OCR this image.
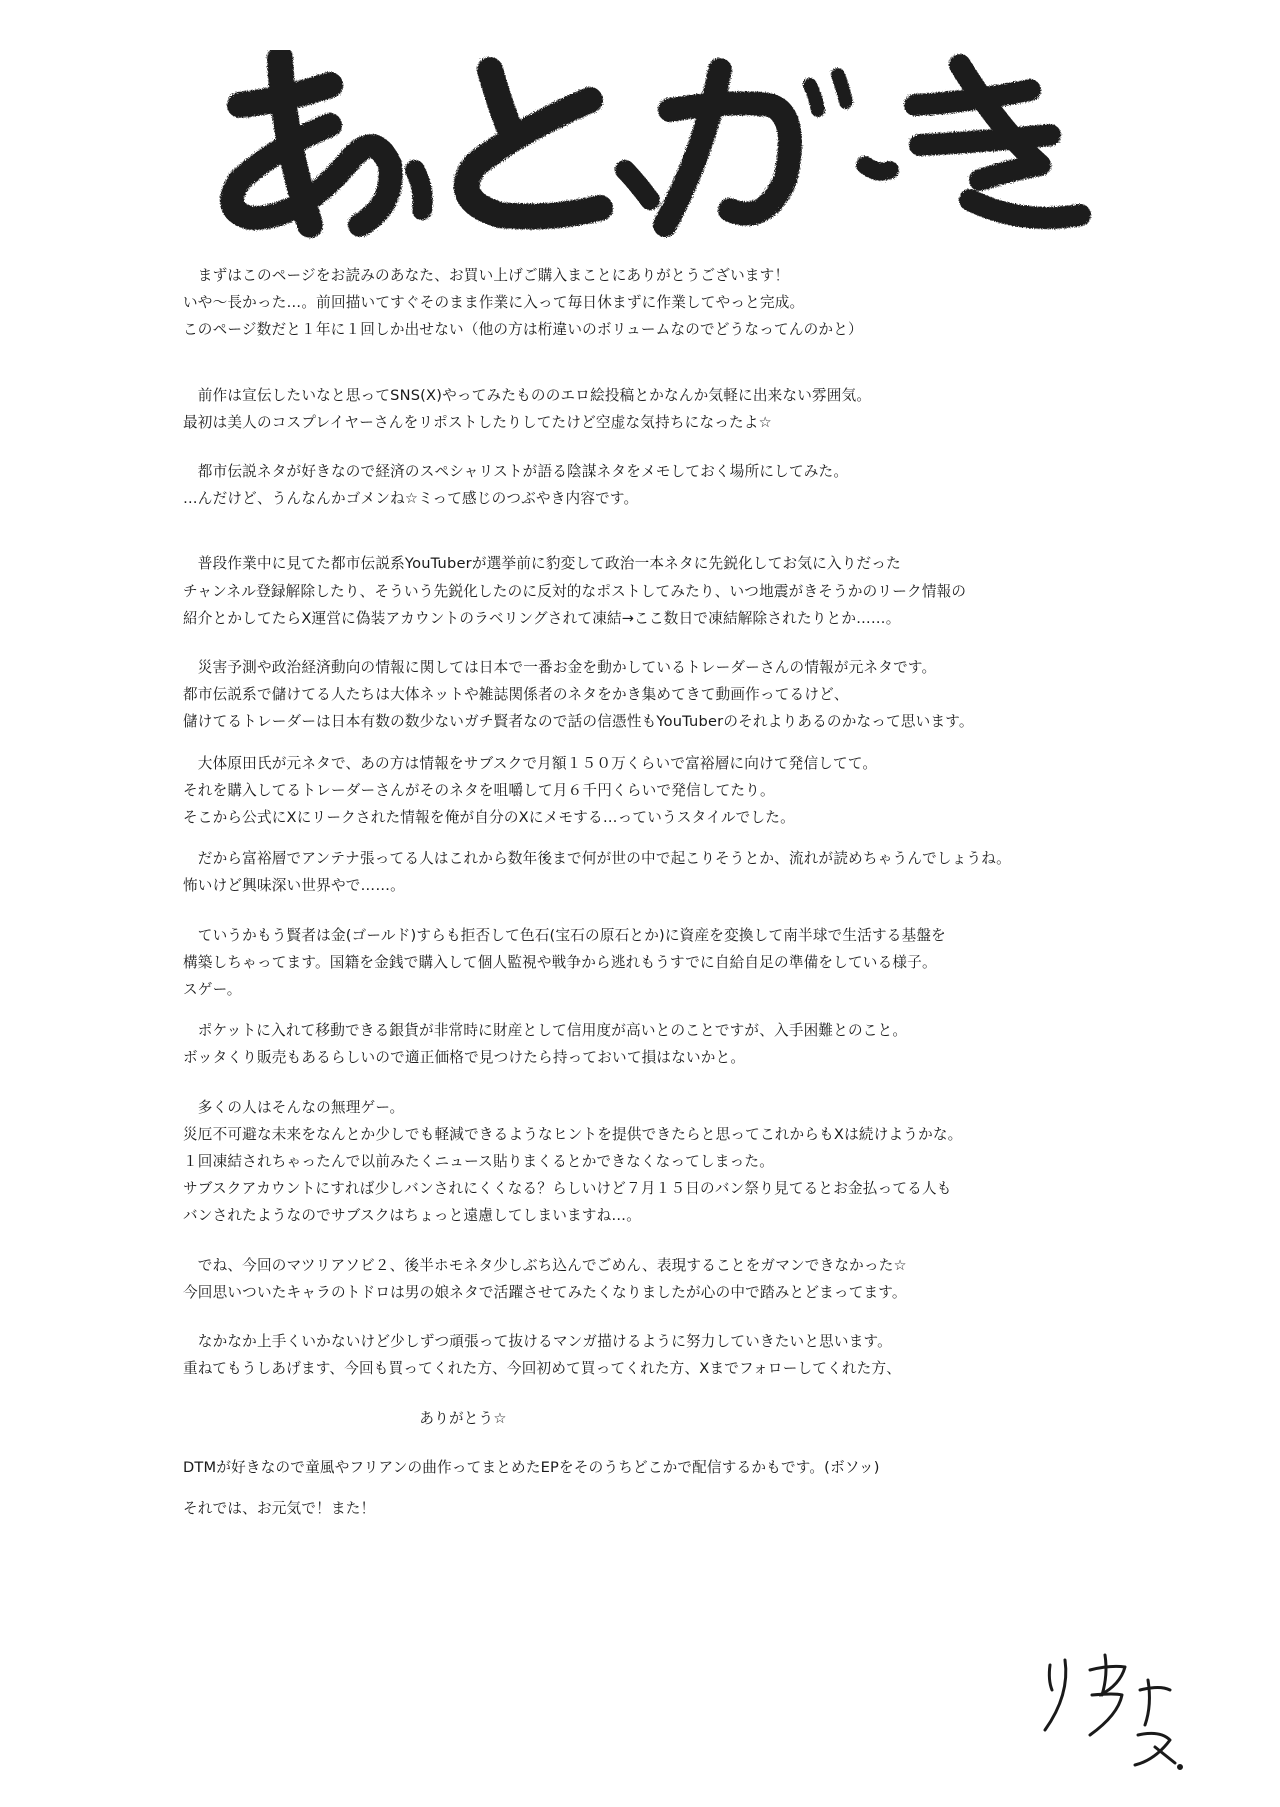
　まずはこのページをお読みのあなた、お買い上げご購入まことにありがとうございます！
いや～長かった…。前回描いてすぐそのまま作業に入って毎日休まずに作業してやっと完成。
このページ数だと１年に１回しか出せない（他の方は桁違いのボリュームなのでどうなってんのかと）

　前作は宣伝したいなと思ってSNS(X)やってみたもののエロ絵投稿とかなんか気軽に出来ない雰囲気。
最初は美人のコスプレイヤーさんをリポストしたりしてたけど空虚な気持ちになったよ☆

　都市伝説ネタが好きなので経済のスペシャリストが語る陰謀ネタをメモしておく場所にしてみた。
…んだけど、うんなんかゴメンね☆ミって感じのつぶやき内容です。

　普段作業中に見てた都市伝説系YouTuberが選挙前に豹変して政治一本ネタに先鋭化してお気に入りだった
チャンネル登録解除したり、そういう先鋭化したのに反対的なポストしてみたり、いつ地震がきそうかのリーク情報の
紹介とかしてたらX運営に偽装アカウントのラベリングされて凍結→ここ数日で凍結解除されたりとか……。

　災害予測や政治経済動向の情報に関しては日本で一番お金を動かしているトレーダーさんの情報が元ネタです。
都市伝説系で儲けてる人たちは大体ネットや雑誌関係者のネタをかき集めてきて動画作ってるけど、
儲けてるトレーダーは日本有数の数少ないガチ賢者なので話の信憑性もYouTuberのそれよりあるのかなって思います。

　大体原田氏が元ネタで、あの方は情報をサブスクで月額１５０万くらいで富裕層に向けて発信してて。
それを購入してるトレーダーさんがそのネタを咀嚼して月６千円くらいで発信してたり。
そこから公式にXにリークされた情報を俺が自分のXにメモする…っていうスタイルでした。

　だから富裕層でアンテナ張ってる人はこれから数年後まで何が世の中で起こりそうとか、流れが読めちゃうんでしょうね。
怖いけど興味深い世界やで……。

　ていうかもう賢者は金(ゴールド)すらも拒否して色石(宝石の原石とか)に資産を変換して南半球で生活する基盤を
構築しちゃってます。国籍を金銭で購入して個人監視や戦争から逃れもうすでに自給自足の準備をしている様子。
スゲー。

　ポケットに入れて移動できる銀貨が非常時に財産として信用度が高いとのことですが、入手困難とのこと。
ボッタくり販売もあるらしいので適正価格で見つけたら持っておいて損はないかと。

　多くの人はそんなの無理ゲー。
災厄不可避な未来をなんとか少しでも軽減できるようなヒントを提供できたらと思ってこれからもXは続けようかな。
１回凍結されちゃったんで以前みたくニュース貼りまくるとかできなくなってしまった。
サブスクアカウントにすれば少しバンされにくくなる？らしいけど７月１５日のバン祭り見てるとお金払ってる人も
バンされたようなのでサブスクはちょっと遠慮してしまいますね…。

　でね、今回のマツリアソビ２、後半ホモネタ少しぶち込んでごめん、表現することをガマンできなかった☆
今回思いついたキャラのトドロは男の娘ネタで活躍させてみたくなりましたが心の中で踏みとどまってます。

　なかなか上手くいかないけど少しずつ頑張って抜けるマンガ描けるように努力していきたいと思います。
重ねてもうしあげます、今回も買ってくれた方、今回初めて買ってくれた方、Xまでフォローしてくれた方、

ありがとう☆

DTMが好きなので童風やフリアンの曲作ってまとめたEPをそのうちどこかで配信するかもです。(ボソッ)

それでは、お元気で！また！
